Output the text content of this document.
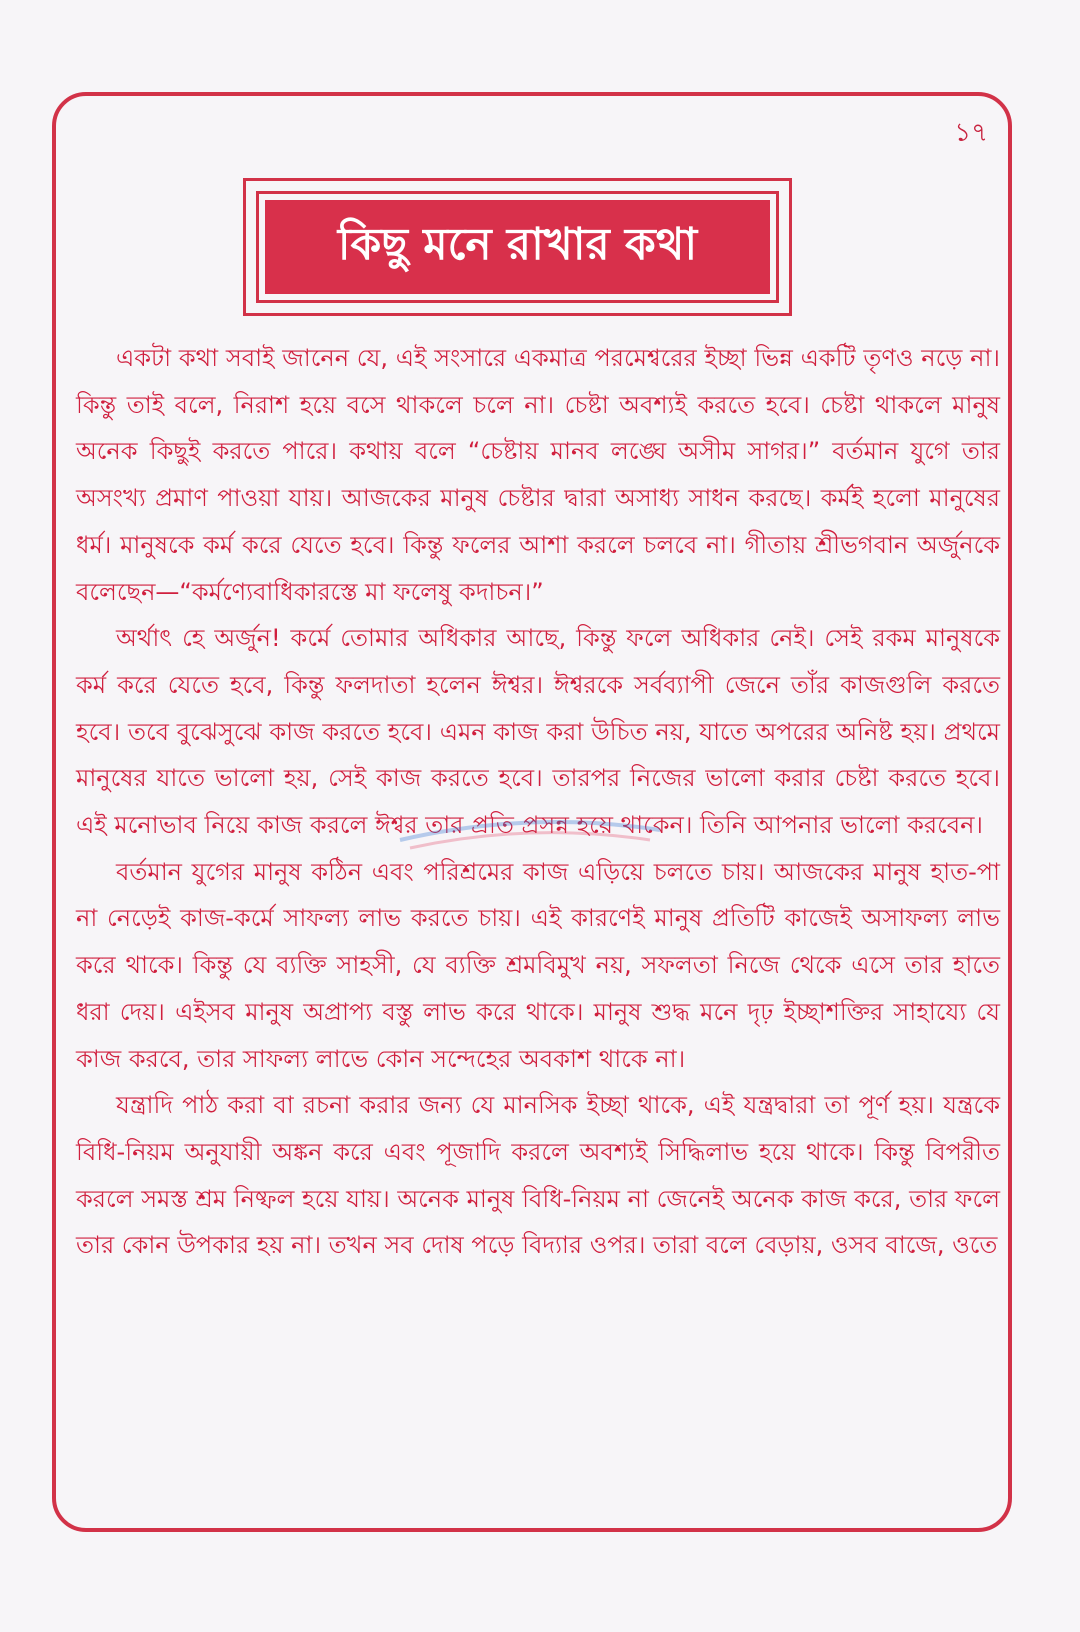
১৭
কিছু মনে রাখার কথা

একটা কথা সবাই জানেন যে, এই সংসারে একমাত্র পরমেশ্বরের ইচ্ছা ভিন্ন একটি তৃণও নড়ে না। কিন্তু তাই বলে, নিরাশ হয়ে বসে থাকলে চলে না। চেষ্টা অবশ্যই করতে হবে। চেষ্টা থাকলে মানুষ অনেক কিছুই করতে পারে। কথায় বলে “চেষ্টায় মানব লঙ্ঘে অসীম সাগর।” বর্তমান যুগে তার অসংখ্য প্রমাণ পাওয়া যায়। আজকের মানুষ চেষ্টার দ্বারা অসাধ্য সাধন করছে। কর্মই হলো মানুষের ধর্ম। মানুষকে কর্ম করে যেতে হবে। কিন্তু ফলের আশা করলে চলবে না। গীতায় শ্রীভগবান অর্জুনকে বলেছেন—“কর্মণ্যেবাধিকারস্তে মা ফলেষু কদাচন।”

অর্থাৎ হে অর্জুন! কর্মে তোমার অধিকার আছে, কিন্তু ফলে অধিকার নেই। সেই রকম মানুষকে কর্ম করে যেতে হবে, কিন্তু ফলদাতা হলেন ঈশ্বর। ঈশ্বরকে সর্বব্যাপী জেনে তাঁর কাজগুলি করতে হবে। তবে বুঝেসুঝে কাজ করতে হবে। এমন কাজ করা উচিত নয়, যাতে অপরের অনিষ্ট হয়। প্রথমে মানুষের যাতে ভালো হয়, সেই কাজ করতে হবে। তারপর নিজের ভালো করার চেষ্টা করতে হবে। এই মনোভাব নিয়ে কাজ করলে ঈশ্বর তার প্রতি প্রসন্ন হয়ে থাকেন। তিনি আপনার ভালো করবেন।

বর্তমান যুগের মানুষ কঠিন এবং পরিশ্রমের কাজ এড়িয়ে চলতে চায়। আজকের মানুষ হাত-পা না নেড়েই কাজ-কর্মে সাফল্য লাভ করতে চায়। এই কারণেই মানুষ প্রতিটি কাজেই অসাফল্য লাভ করে থাকে। কিন্তু যে ব্যক্তি সাহসী, যে ব্যক্তি শ্রমবিমুখ নয়, সফলতা নিজে থেকে এসে তার হাতে ধরা দেয়। এইসব মানুষ অপ্রাপ্য বস্তু লাভ করে থাকে। মানুষ শুদ্ধ মনে দৃঢ় ইচ্ছাশক্তির সাহায্যে যে কাজ করবে, তার সাফল্য লাভে কোন সন্দেহের অবকাশ থাকে না।

যন্ত্রাদি পাঠ করা বা রচনা করার জন্য যে মানসিক ইচ্ছা থাকে, এই যন্ত্রদ্বারা তা পূর্ণ হয়। যন্ত্রকে বিধি-নিয়ম অনুযায়ী অঙ্কন করে এবং পূজাদি করলে অবশ্যই সিদ্ধিলাভ হয়ে থাকে। কিন্তু বিপরীত করলে সমস্ত শ্রম নিষ্ফল হয়ে যায়। অনেক মানুষ বিধি-নিয়ম না জেনেই অনেক কাজ করে, তার ফলে তার কোন উপকার হয় না। তখন সব দোষ পড়ে বিদ্যার ওপর। তারা বলে বেড়ায়, ওসব বাজে, ওতে
